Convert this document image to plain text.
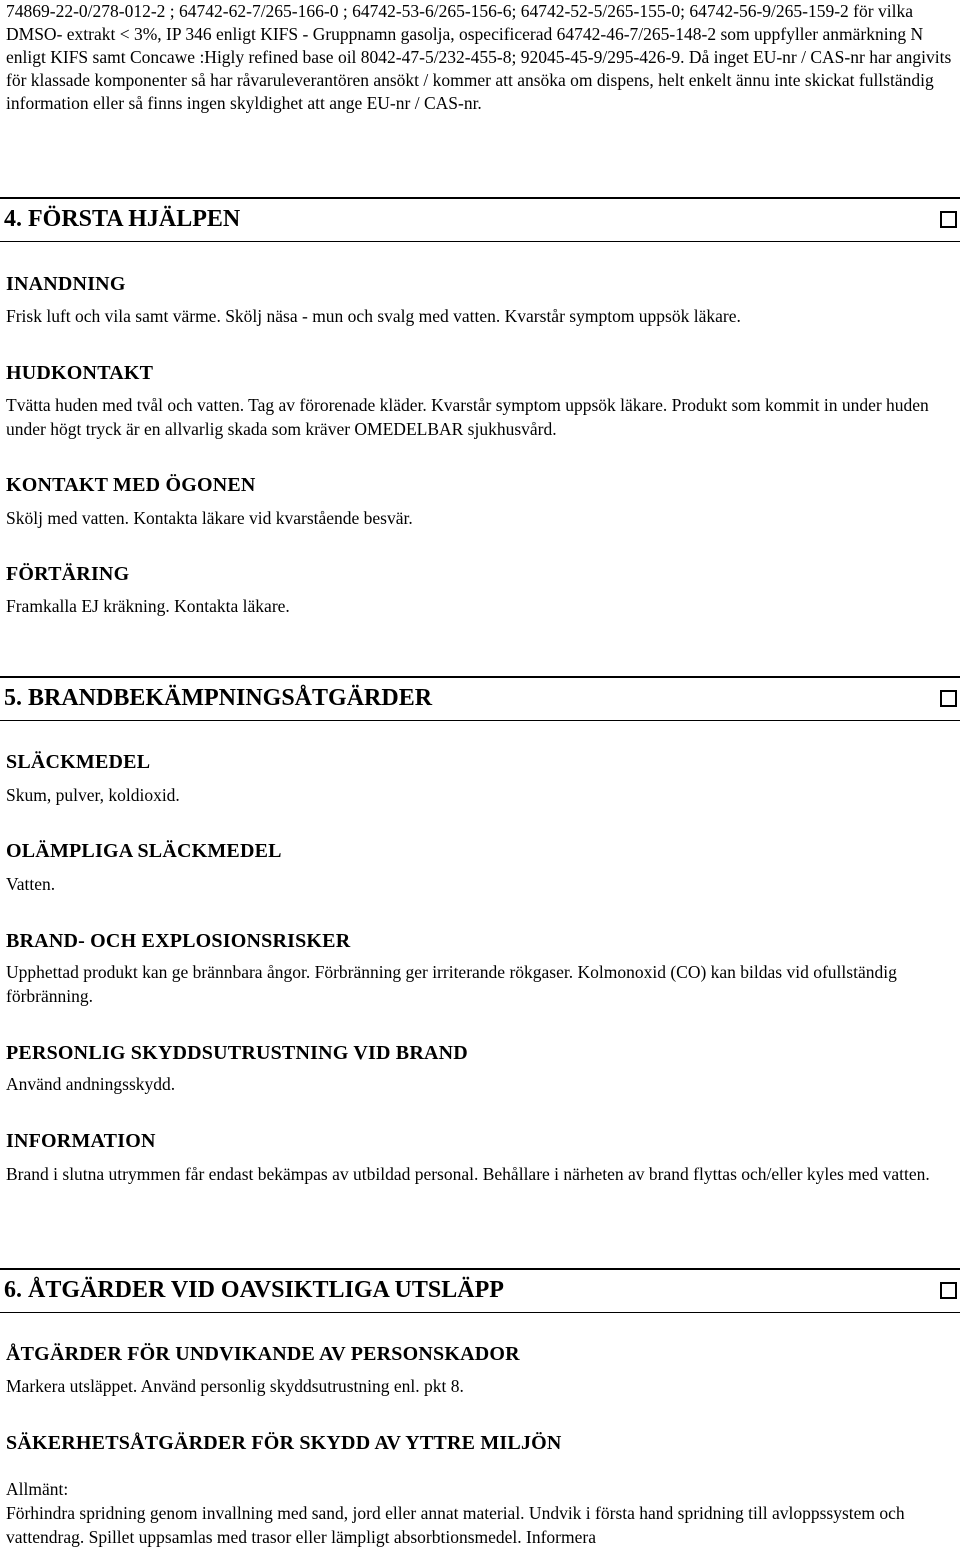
74869-22-0/278-012-2 ; 64742-62-7/265-166-0 ; 64742-53-6/265-156-6; 64742-52-5/265-155-0; 64742-56-9/265-159-2 för vilka DMSO- extrakt < 3%, IP 346 enligt KIFS - Gruppnamn gasolja, ospecificerad 64742-46-7/265-148-2 som uppfyller anmärkning N enligt KIFS samt Concawe :Higly refined base oil 8042-47-5/232-455-8; 92045-45-9/295-426-9. Då inget EU-nr / CAS-nr har angivits för klassade komponenter så har råvaruleverantören ansökt / kommer att ansöka om dispens, helt enkelt ännu inte skickat fullständig information eller så finns ingen skyldighet att ange EU-nr / CAS-nr.

4. FÖRSTA HJÄLPEN
INANDNING

Frisk luft och vila samt värme. Skölj näsa - mun och svalg med vatten. Kvarstår symptom uppsök läkare.

HUDKONTAKT

Tvätta huden med tvål och vatten. Tag av förorenade kläder. Kvarstår symptom uppsök läkare. Produkt som kommit in under huden under högt tryck är en allvarlig skada som kräver OMEDELBAR sjukhusvård.

KONTAKT MED ÖGONEN

Skölj med vatten. Kontakta läkare vid kvarstående besvär.

FÖRTÄRING

Framkalla EJ kräkning. Kontakta läkare.

5. BRANDBEKÄMPNINGSÅTGÄRDER
SLÄCKMEDEL

Skum, pulver, koldioxid.

OLÄMPLIGA SLÄCKMEDEL

Vatten.

BRAND- OCH EXPLOSIONSRISKER

Upphettad produkt kan ge brännbara ångor. Förbränning ger irriterande rökgaser. Kolmonoxid (CO) kan bildas vid ofullständig förbränning.

PERSONLIG SKYDDSUTRUSTNING VID BRAND

Använd andningsskydd.

INFORMATION

Brand i slutna utrymmen får endast bekämpas av utbildad personal. Behållare i närheten av brand flyttas och/eller kyles med vatten.

6. ÅTGÄRDER VID OAVSIKTLIGA UTSLÄPP
ÅTGÄRDER FÖR UNDVIKANDE AV PERSONSKADOR

Markera utsläppet. Använd personlig skyddsutrustning enl. pkt 8.

SÄKERHETSÅTGÄRDER FÖR SKYDD AV YTTRE MILJÖN

Allmänt:

Förhindra spridning genom invallning med sand, jord eller annat material. Undvik i första hand spridning till avloppssystem och vattendrag. Spillet uppsamlas med trasor eller lämpligt absorbtionsmedel. Informera
